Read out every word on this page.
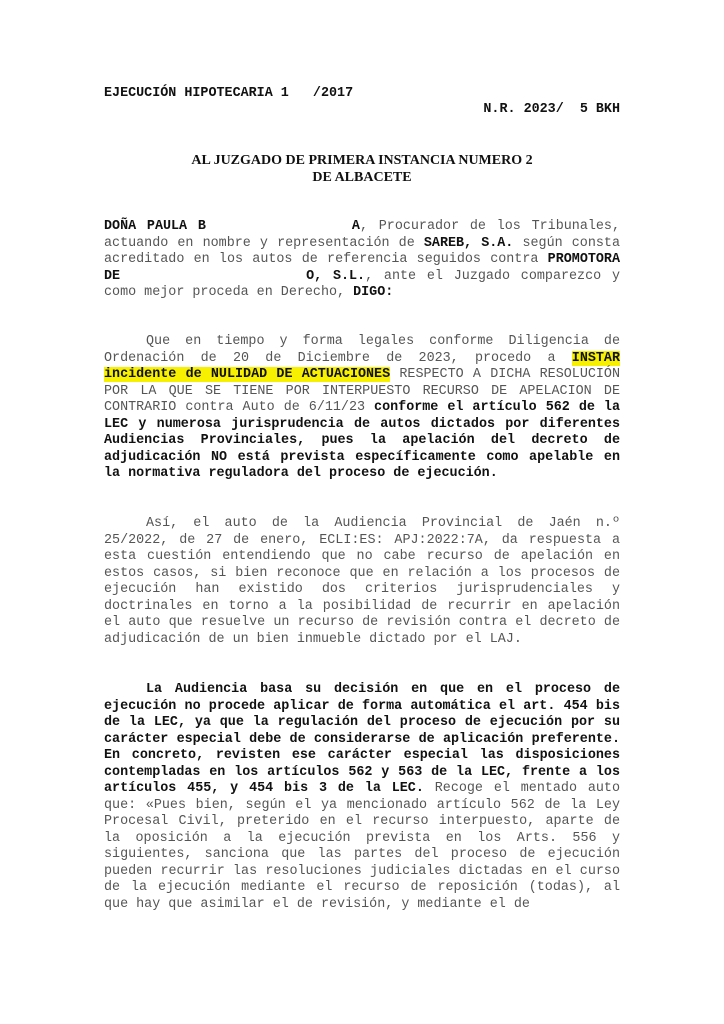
EJECUCIÓN HIPOTECARIA 1   /2017
N.R. 2023/  5 BKH
AL JUZGADO DE PRIMERA INSTANCIA NUMERO 2
DE ALBACETE

DOÑA PAULA B	A, Procurador de los Tribunales, actuando en nombre y representación de SAREB, S.A. según consta acreditado en los autos de referencia seguidos contra PROMOTORA DE	O, S.L., ante el Juzgado comparezco y como mejor proceda en Derecho, DIGO:

Que en tiempo y forma legales conforme Diligencia de Ordenación de 20 de Diciembre de 2023, procedo a INSTAR incidente de NULIDAD DE ACTUACIONES RESPECTO A DICHA RESOLUCIÓN POR LA QUE SE TIENE POR INTERPUESTO RECURSO DE APELACION DE CONTRARIO contra Auto de 6/11/23 conforme el artículo 562 de la LEC y numerosa jurisprudencia de autos dictados por diferentes Audiencias Provinciales, pues la apelación del decreto de adjudicación NO está prevista específicamente como apelable en la normativa reguladora del proceso de ejecución.

Así, el auto de la Audiencia Provincial de Jaén n.º 25/2022, de 27 de enero, ECLI:ES: APJ:2022:7A, da respuesta a esta cuestión entendiendo que no cabe recurso de apelación en estos casos, si bien reconoce que en relación a los procesos de ejecución han existido dos criterios jurisprudenciales y doctrinales en torno a la posibilidad de recurrir en apelación el auto que resuelve un recurso de revisión contra el decreto de adjudicación de un bien inmueble dictado por el LAJ.

La Audiencia basa su decisión en que en el proceso de ejecución no procede aplicar de forma automática el art. 454 bis de la LEC, ya que la regulación del proceso de ejecución por su carácter especial debe de considerarse de aplicación preferente. En concreto, revisten ese carácter especial las disposiciones contempladas en los artículos 562 y 563 de la LEC, frente a los artículos 455, y 454 bis 3 de la LEC. Recoge el mentado auto que: «Pues bien, según el ya mencionado artículo 562 de la Ley Procesal Civil, preterido en el recurso interpuesto, aparte de la oposición a la ejecución prevista en los Arts. 556 y siguientes, sanciona que las partes del proceso de ejecución pueden recurrir las resoluciones judiciales dictadas en el curso de la ejecución mediante el recurso de reposición (todas), al que hay que asimilar el de revisión, y mediante el de
